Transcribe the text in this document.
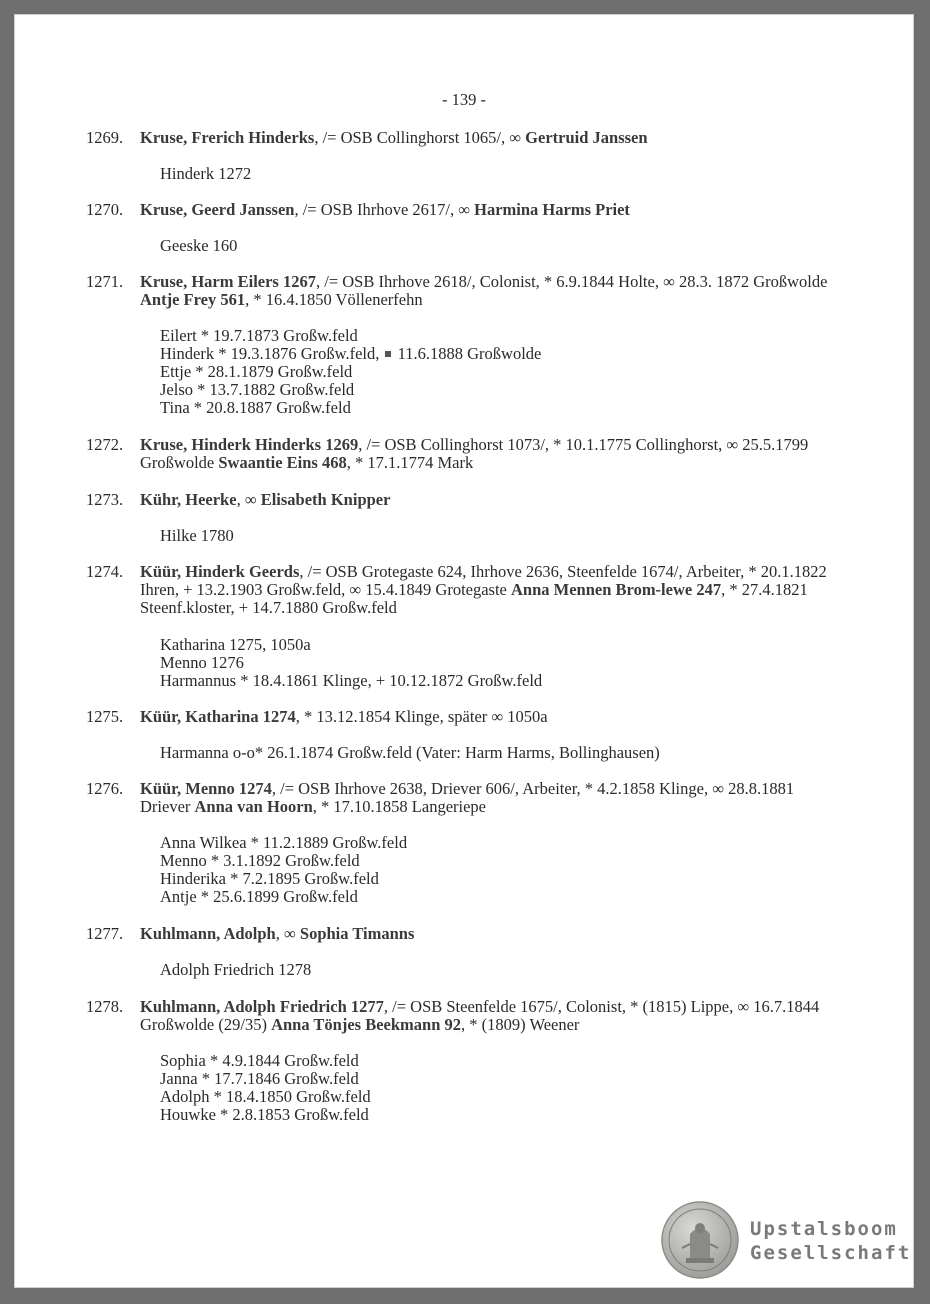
- 139 -
1269. Kruse, Frerich Hinderks, /= OSB Collinghorst 1065/, ∞ Gertruid Janssen
Hinderk 1272
1270. Kruse, Geerd Janssen, /= OSB Ihrhove 2617/, ∞ Harmina Harms Priet
Geeske 160
1271. Kruse, Harm Eilers 1267, /= OSB Ihrhove 2618/, Colonist, * 6.9.1844 Holte, ∞ 28.3. 1872 Großwolde Antje Frey 561, * 16.4.1850 Völlenerfehn
Eilert * 19.7.1873 Großw.feld
Hinderk * 19.3.1876 Großw.feld,  11.6.1888 Großwolde
Ettje * 28.1.1879 Großw.feld
Jelso * 13.7.1882 Großw.feld
Tina * 20.8.1887 Großw.feld
1272. Kruse, Hinderk Hinderks 1269, /= OSB Collinghorst 1073/, * 10.1.1775 Collinghorst, ∞ 25.5.1799 Großwolde Swaantie Eins 468, * 17.1.1774 Mark
1273. Kühr, Heerke, ∞ Elisabeth Knipper
Hilke 1780
1274. Küür, Hinderk Geerds, /= OSB Grotegaste 624, Ihrhove 2636, Steenfelde 1674/, Arbeiter, * 20.1.1822 Ihren, + 13.2.1903 Großw.feld, ∞ 15.4.1849 Grotegaste Anna Mennen Brom-lewe 247, * 27.4.1821 Steenf.kloster, + 14.7.1880 Großw.feld
Katharina 1275, 1050a
Menno 1276
Harmannus * 18.4.1861 Klinge, + 10.12.1872 Großw.feld
1275. Küür, Katharina 1274, * 13.12.1854 Klinge, später ∞ 1050a
Harmanna o-o* 26.1.1874 Großw.feld (Vater: Harm Harms, Bollinghausen)
1276. Küür, Menno 1274, /= OSB Ihrhove 2638, Driever 606/, Arbeiter, * 4.2.1858 Klinge, ∞ 28.8.1881 Driever Anna van Hoorn, * 17.10.1858 Langeriepe
Anna Wilkea * 11.2.1889 Großw.feld
Menno * 3.1.1892 Großw.feld
Hinderika * 7.2.1895 Großw.feld
Antje * 25.6.1899 Großw.feld
1277. Kuhlmann, Adolph, ∞ Sophia Timanns
Adolph Friedrich 1278
1278. Kuhlmann, Adolph Friedrich 1277, /= OSB Steenfelde 1675/, Colonist, * (1815) Lippe, ∞ 16.7.1844 Großwolde (29/35) Anna Tönjes Beekmann 92, * (1809) Weener
Sophia * 4.9.1844 Großw.feld
Janna * 17.7.1846 Großw.feld
Adolph * 18.4.1850 Großw.feld
Houwke * 2.8.1853 Großw.feld
Upstalsboom
Gesellschaft
